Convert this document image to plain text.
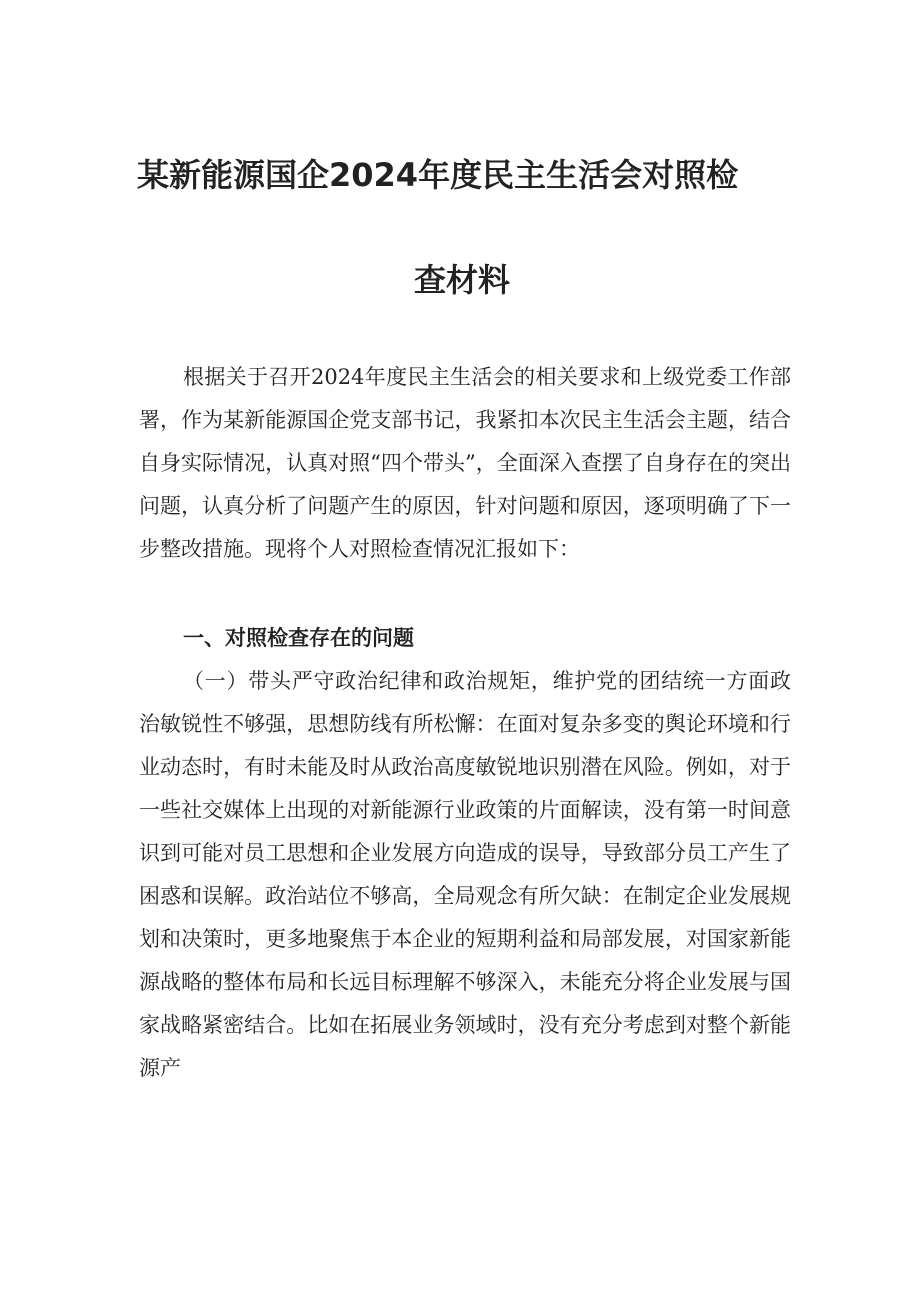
某新能源国企2024年度民主生活会对照检
查材料

根据关于召开2024年度民主生活会的相关要求和上级党委工作部署，作为某新能源国企党支部书记，我紧扣本次民主生活会主题，结合自身实际情况，认真对照“四个带头”，全面深入查摆了自身存在的突出问题，认真分析了问题产生的原因，针对问题和原因，逐项明确了下一步整改措施。现将个人对照检查情况汇报如下：

一、对照检查存在的问题

（一）带头严守政治纪律和政治规矩，维护党的团结统一方面政治敏锐性不够强，思想防线有所松懈：在面对复杂多变的舆论环境和行业动态时，有时未能及时从政治高度敏锐地识别潜在风险。例如，对于一些社交媒体上出现的对新能源行业政策的片面解读，没有第一时间意识到可能对员工思想和企业发展方向造成的误导，导致部分员工产生了困惑和误解。政治站位不够高，全局观念有所欠缺：在制定企业发展规划和决策时，更多地聚焦于本企业的短期利益和局部发展，对国家新能源战略的整体布局和长远目标理解不够深入，未能充分将企业发展与国家战略紧密结合。比如在拓展业务领域时，没有充分考虑到对整个新能源产
